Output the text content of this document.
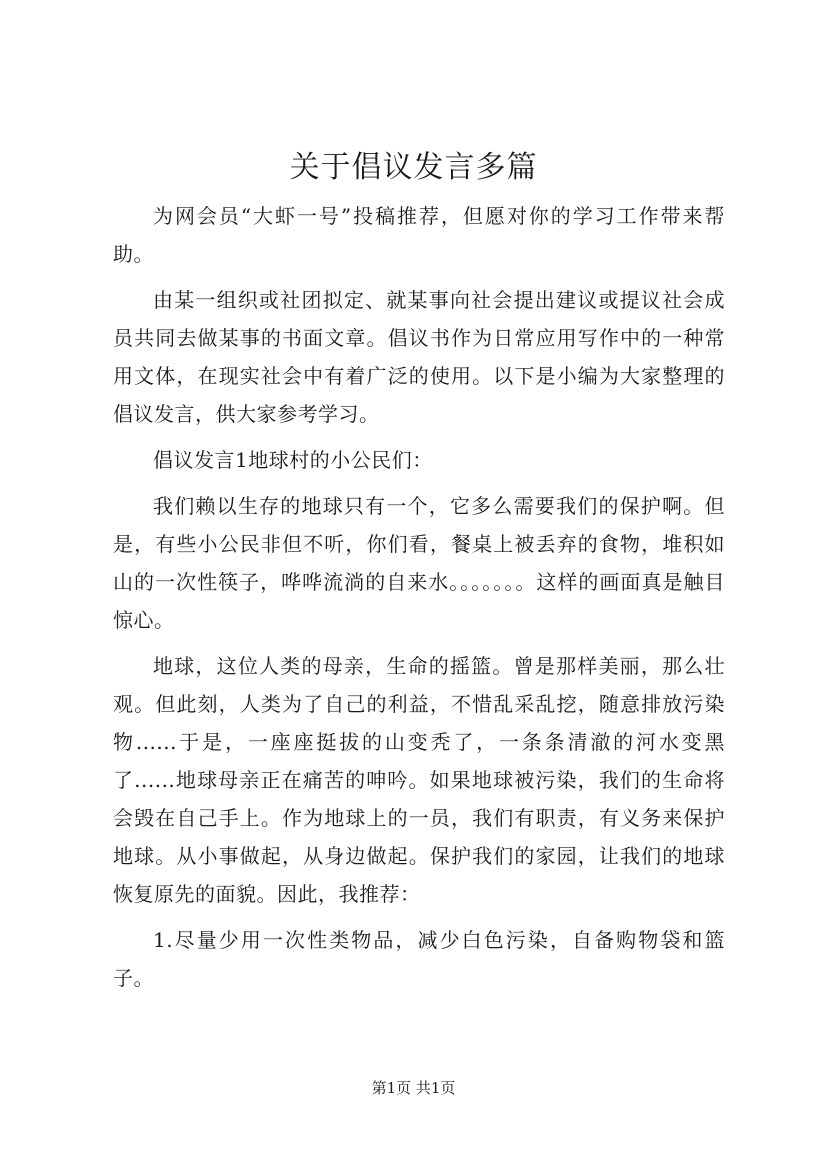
关于倡议发言多篇

为网会员“大虾一号”投稿推荐，但愿对你的学习工作带来帮助。

由某一组织或社团拟定、就某事向社会提出建议或提议社会成员共同去做某事的书面文章。倡议书作为日常应用写作中的一种常用文体，在现实社会中有着广泛的使用。以下是小编为大家整理的倡议发言，供大家参考学习。

倡议发言1地球村的小公民们：

我们赖以生存的地球只有一个，它多么需要我们的保护啊。但是，有些小公民非但不听，你们看，餐桌上被丢弃的食物，堆积如山的一次性筷子，哗哗流淌的自来水。。。。。。。这样的画面真是触目惊心。

地球，这位人类的母亲，生命的摇篮。曾是那样美丽，那么壮观。但此刻，人类为了自己的利益，不惜乱采乱挖，随意排放污染物......于是，一座座挺拔的山变秃了，一条条清澈的河水变黑了......地球母亲正在痛苦的呻吟。如果地球被污染，我们的生命将会毁在自己手上。作为地球上的一员，我们有职责，有义务来保护地球。从小事做起，从身边做起。保护我们的家园，让我们的地球恢复原先的面貌。因此，我推荐：

1.尽量少用一次性类物品，减少白色污染，自备购物袋和篮子。

第1页 共1页
